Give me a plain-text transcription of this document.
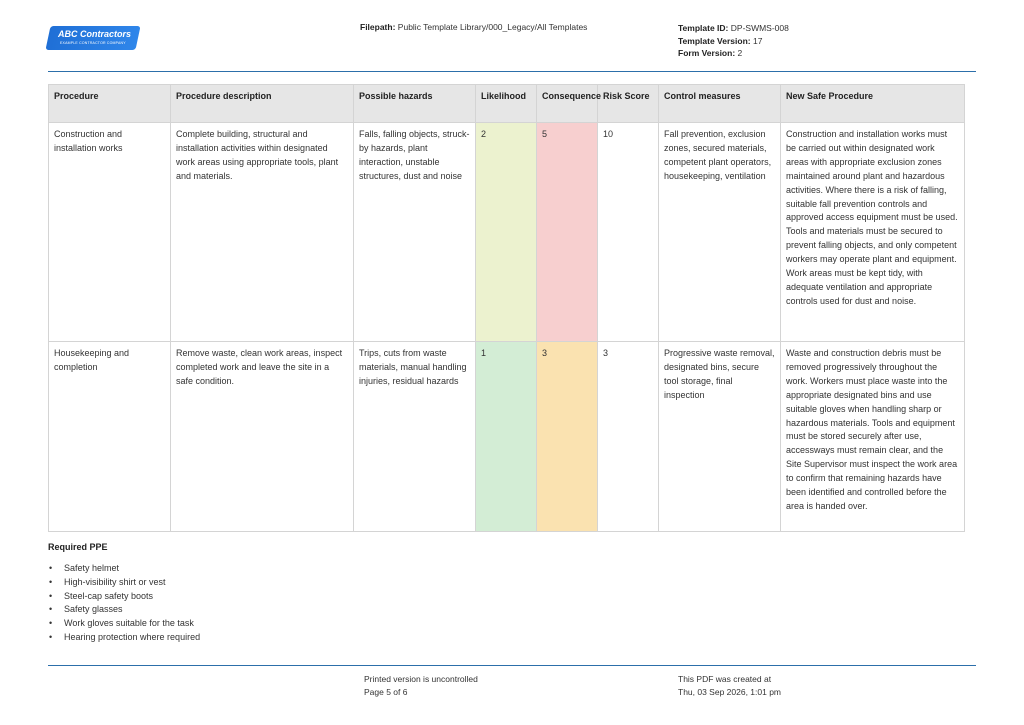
ABC Contractors
EXAMPLE CONTRACTOR COMPANY
Filepath: Public Template Library/000_Legacy/All Templates	Template ID: DP-SWMS-008
Template Version: 17
Form Version: 2
Procedure	Procedure description	Possible hazards	Likelihood	Consequence	Risk Score	Control measures	New Safe Procedure
Construction and installation works	Complete building, structural and installation activities within designated work areas using appropriate tools, plant and materials.	Falls, falling objects, struck-by hazards, plant interaction, unstable structures, dust and noise	2	5	10	Fall prevention, exclusion zones, secured materials, competent plant operators, housekeeping, ventilation	Construction and installation works must be carried out within designated work areas with appropriate exclusion zones maintained around plant and hazardous activities. Where there is a risk of falling, suitable fall prevention controls and approved access equipment must be used. Tools and materials must be secured to prevent falling objects, and only competent workers may operate plant and equipment. Work areas must be kept tidy, with adequate ventilation and appropriate controls used for dust and noise.
Housekeeping and completion	Remove waste, clean work areas, inspect completed work and leave the site in a safe condition.	Trips, cuts from waste materials, manual handling injuries, residual hazards	1	3	3	Progressive waste removal, designated bins, secure tool storage, final inspection	Waste and construction debris must be removed progressively throughout the work. Workers must place waste into the appropriate designated bins and use suitable gloves when handling sharp or hazardous materials. Tools and equipment must be stored securely after use, accessways must remain clear, and the Site Supervisor must inspect the work area to confirm that remaining hazards have been identified and controlled before the area is handed over.
Required PPE
• Safety helmet
• High-visibility shirt or vest
• Steel-cap safety boots
• Safety glasses
• Work gloves suitable for the task
• Hearing protection where required
Printed version is uncontrolled
Page 5 of 6
This PDF was created at
Thu, 03 Sep 2026, 1:01 pm
